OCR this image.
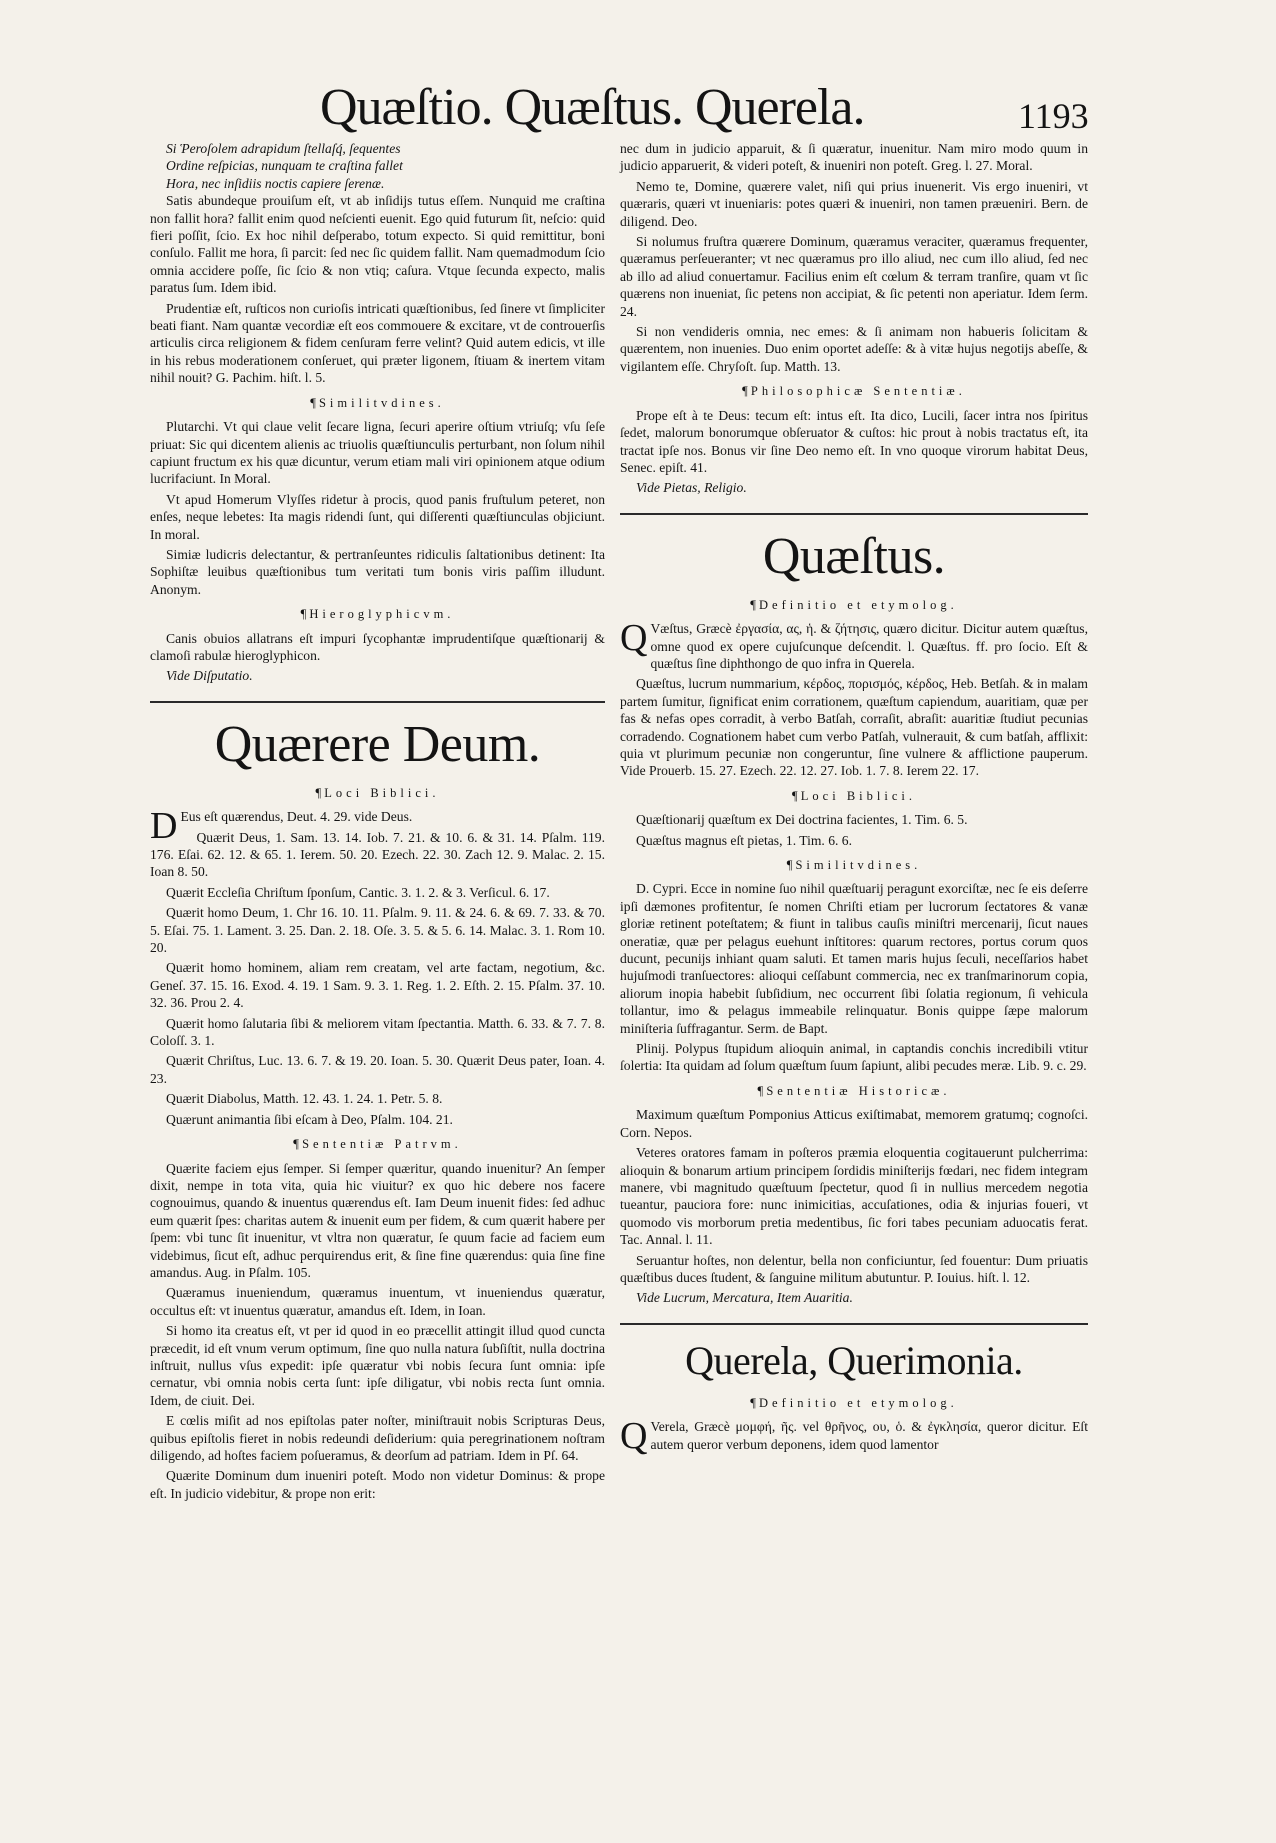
Quæſtio. Quæſtus. Querela.	1193

Si Ῥeroſolem adrapidum ſtellaſq́, ſequentes

Ordine reſpicias, nunquam te craſtina fallet

Hora, nec inſidiis noctis capiere ſerenæ.

Satis abundeque prouiſum eſt, vt ab inſidijs tutus eſſem. Nunquid me craſtina non fallit hora? fallit enim quod neſcienti euenit. Ego quid futurum ſit, neſcio: quid fieri poſſit, ſcio. Ex hoc nihil deſperabo, totum expecto. Si quid remittitur, boni conſulo. Fallit me hora, ſi parcit: ſed nec ſic quidem fallit. Nam quemadmodum ſcio omnia accidere poſſe, ſic ſcio & non vtiq; caſura. Vtque ſecunda expecto, malis paratus ſum. Idem ibid.

Prudentiæ eſt, ruſticos non curioſis intricati quæſtionibus, ſed ſinere vt ſimpliciter beati fiant. Nam quantæ vecordiæ eſt eos commouere & excitare, vt de controuerſis articulis circa religionem & fidem cenſuram ferre velint? Quid autem edicis, vt ille in his rebus moderationem conſeruet, qui præter ligonem, ſtiuam & inertem vitam nihil nouit? G. Pachim. hiſt. l. 5.

¶ Similitvdines.

Plutarchi. Vt qui claue velit ſecare ligna, ſecuri aperire oſtium vtriuſq; vſu ſeſe priuat: Sic qui dicentem alienis ac triuolis quæſtiunculis perturbant, non ſolum nihil capiunt fructum ex his quæ dicuntur, verum etiam mali viri opinionem atque odium lucrifaciunt. In Moral.

Vt apud Homerum Vlyſſes ridetur à procis, quod panis fruſtulum peteret, non enſes, neque lebetes: Ita magis ridendi ſunt, qui diſſerenti quæſtiunculas objiciunt. In moral.

Simiæ ludicris delectantur, & pertranſeuntes ridiculis ſaltationibus detinent: Ita Sophiſtæ leuibus quæſtionibus tum veritati tum bonis viris paſſim illudunt. Anonym.

¶ Hieroglyphicvm.

Canis obuios allatrans eſt impuri ſycophantæ imprudentiſque quæſtionarij & clamoſi rabulæ hieroglyphicon.

Vide Diſputatio.

Quærere Deum.
¶ Loci Biblici.

D Eus eſt quærendus, Deut. 4. 29. vide Deus.

Quærit Deus, 1. Sam. 13. 14. Iob. 7. 21. & 10. 6. & 31. 14. Pſalm. 119. 176. Eſai. 62. 12. & 65. 1. Ierem. 50. 20. Ezech. 22. 30. Zach 12. 9. Malac. 2. 15. Ioan 8. 50.

Quærit Eccleſia Chriſtum ſponſum, Cantic. 3. 1. 2. & 3. Verſicul. 6. 17.

Quærit homo Deum, 1. Chr 16. 10. 11. Pſalm. 9. 11. & 24. 6. & 69. 7. 33. & 70. 5. Eſai. 75. 1. Lament. 3. 25. Dan. 2. 18. Oſe. 3. 5. & 5. 6. 14. Malac. 3. 1. Rom 10. 20.

Quærit homo hominem, aliam rem creatam, vel arte factam, negotium, &c. Geneſ. 37. 15. 16. Exod. 4. 19. 1 Sam. 9. 3. 1. Reg. 1. 2. Eſth. 2. 15. Pſalm. 37. 10. 32. 36. Prou 2. 4.

Quærit homo ſalutaria ſibi & meliorem vitam ſpectantia. Matth. 6. 33. & 7. 7. 8. Coloſſ. 3. 1.

Quærit Chriſtus, Luc. 13. 6. 7. & 19. 20. Ioan. 5. 30. Quærit Deus pater, Ioan. 4. 23.

Quærit Diabolus, Matth. 12. 43. 1. 24. 1. Petr. 5. 8.

Quærunt animantia ſibi eſcam à Deo, Pſalm. 104. 21.

¶ Sententiæ Patrvm.

Quærite faciem ejus ſemper. Si ſemper quæritur, quando inuenitur? An ſemper dixit, nempe in tota vita, quia hic viuitur? ex quo hic debere nos facere cognouimus, quando & inuentus quærendus eſt. Iam Deum inuenit fides: ſed adhuc eum quærit ſpes: charitas autem & inuenit eum per fidem, & cum quærit habere per ſpem: vbi tunc ſit inuenitur, vt vltra non quæratur, ſe quum facie ad faciem eum videbimus, ſicut eſt, adhuc perquirendus erit, & ſine fine quærendus: quia ſine fine amandus. Aug. in Pſalm. 105.

Quæramus inueniendum, quæramus inuentum, vt inueniendus quæratur, occultus eſt: vt inuentus quæratur, amandus eſt. Idem, in Ioan.

Si homo ita creatus eſt, vt per id quod in eo præcellit attingit illud quod cuncta præcedit, id eſt vnum verum optimum, ſine quo nulla natura ſubſiſtit, nulla doctrina inſtruit, nullus vſus expedit: ipſe quæratur vbi nobis ſecura ſunt omnia: ipſe cernatur, vbi omnia nobis certa ſunt: ipſe diligatur, vbi nobis recta ſunt omnia. Idem, de ciuit. Dei.

E cœlis miſit ad nos epiſtolas pater noſter, miniſtrauit nobis Scripturas Deus, quibus epiſtolis fieret in nobis redeundi deſiderium: quia peregrinationem noſtram diligendo, ad hoſtes faciem poſueramus, & deorſum ad patriam. Idem in Pſ. 64.

Quærite Dominum dum inueniri poteſt. Modo non videtur Dominus: & prope eſt. In judicio videbitur, & prope non erit:

nec dum in judicio apparuit, & ſi quæratur, inuenitur. Nam miro modo quum in judicio apparuerit, & videri poteſt, & inueniri non poteſt. Greg. l. 27. Moral.

Nemo te, Domine, quærere valet, niſi qui prius inuenerit. Vis ergo inueniri, vt quæraris, quæri vt inueniaris: potes quæri & inueniri, non tamen præueniri. Bern. de diligend. Deo.

Si nolumus fruſtra quærere Dominum, quæramus veraciter, quæramus frequenter, quæramus perſeueranter; vt nec quæramus pro illo aliud, nec cum illo aliud, ſed nec ab illo ad aliud conuertamur. Facilius enim eſt cœlum & terram tranſire, quam vt ſic quærens non inueniat, ſic petens non accipiat, & ſic petenti non aperiatur. Idem ſerm. 24.

Si non vendideris omnia, nec emes: & ſi animam non habueris ſolicitam & quærentem, non inuenies. Duo enim oportet adeſſe: & à vitæ hujus negotijs abeſſe, & vigilantem eſſe. Chryſoſt. ſup. Matth. 13.

¶ Philosophicæ Sententiæ.

Prope eſt à te Deus: tecum eſt: intus eſt. Ita dico, Lucili, ſacer intra nos ſpiritus ſedet, malorum bonorumque obſeruator & cuſtos: hic prout à nobis tractatus eſt, ita tractat ipſe nos. Bonus vir ſine Deo nemo eſt. In vno quoque virorum habitat Deus, Senec. epiſt. 41.

Vide Pietas, Religio.

Quæſtus.
¶ Definitio et etymolog.

Q Væſtus, Græcè ἐργασία, ας, ἡ. & ζήτησις, quæro dicitur. Dicitur autem quæſtus, omne quod ex opere cujuſcunque deſcendit. l. Quæſtus. ff. pro ſocio. Eſt & quæſtus ſine diphthongo de quo infra in Querela.

Quæſtus, lucrum nummarium, κέρδος, πορισμός, κέρδος, Heb. Betſah. & in malam partem ſumitur, ſignificat enim corrationem, quæſtum capiendum, auaritiam, quæ per fas & nefas opes corradit, à verbo Batſah, corraſit, abraſit: auaritiæ ſtudiut pecunias corradendo. Cognationem habet cum verbo Patſah, vulnerauit, & cum batſah, afflixit: quia vt plurimum pecuniæ non congeruntur, ſine vulnere & afflictione pauperum. Vide Prouerb. 15. 27. Ezech. 22. 12. 27. Iob. 1. 7. 8. Ierem 22. 17.

¶ Loci Biblici.

Quæſtionarij quæſtum ex Dei doctrina facientes, 1. Tim. 6. 5.

Quæſtus magnus eſt pietas, 1. Tim. 6. 6.

¶ Similitvdines.

D. Cypri. Ecce in nomine ſuo nihil quæſtuarij peragunt exorciſtæ, nec ſe eis deſerre ipſi dæmones profitentur, ſe nomen Chriſti etiam per lucrorum ſectatores & vanæ gloriæ retinent poteſtatem; & fiunt in talibus cauſis miniſtri mercenarij, ſicut naues oneratiæ, quæ per pelagus euehunt inſtitores: quarum rectores, portus corum quos ducunt, pecunijs inhiant quam saluti. Et tamen maris hujus ſeculi, neceſſarios habet hujuſmodi tranſuectores: alioqui ceſſabunt commercia, nec ex tranſmarinorum copia, aliorum inopia habebit ſubſidium, nec occurrent ſibi ſolatia regionum, ſi vehicula tollantur, imo & pelagus immeabile relinquatur. Bonis quippe ſæpe malorum miniſteria ſuffragantur. Serm. de Bapt.

Plinij. Polypus ſtupidum alioquin animal, in captandis conchis incredibili vtitur ſolertia: Ita quidam ad ſolum quæſtum ſuum ſapiunt, alibi pecudes meræ. Lib. 9. c. 29.

¶ Sententiæ Historicæ.

Maximum quæſtum Pomponius Atticus exiſtimabat, memorem gratumq; cognoſci. Corn. Nepos.

Veteres oratores famam in poſteros præmia eloquentia cogitauerunt pulcherrima: alioquin & bonarum artium principem ſordidis miniſterijs fœdari, nec fidem integram manere, vbi magnitudo quæſtuum ſpectetur, quod ſi in nullius mercedem negotia tueantur, pauciora fore: nunc inimicitias, accuſationes, odia & injurias foueri, vt quomodo vis morborum pretia medentibus, ſic fori tabes pecuniam aduocatis ferat. Tac. Annal. l. 11.

Seruantur hoſtes, non delentur, bella non conficiuntur, ſed fouentur: Dum priuatis quæſtibus duces ſtudent, & ſanguine militum abutuntur. P. Iouius. hiſt. l. 12.

Vide Lucrum, Mercatura, Item Auaritia.

Querela, Querimonia.
¶ Definitio et etymolog.

Q Verela, Græcè μομφή, ῆς. vel θρῆνος, ου, ὁ. & ἐγκλησία, queror dicitur. Eſt autem queror verbum deponens, idem quod lamentor
